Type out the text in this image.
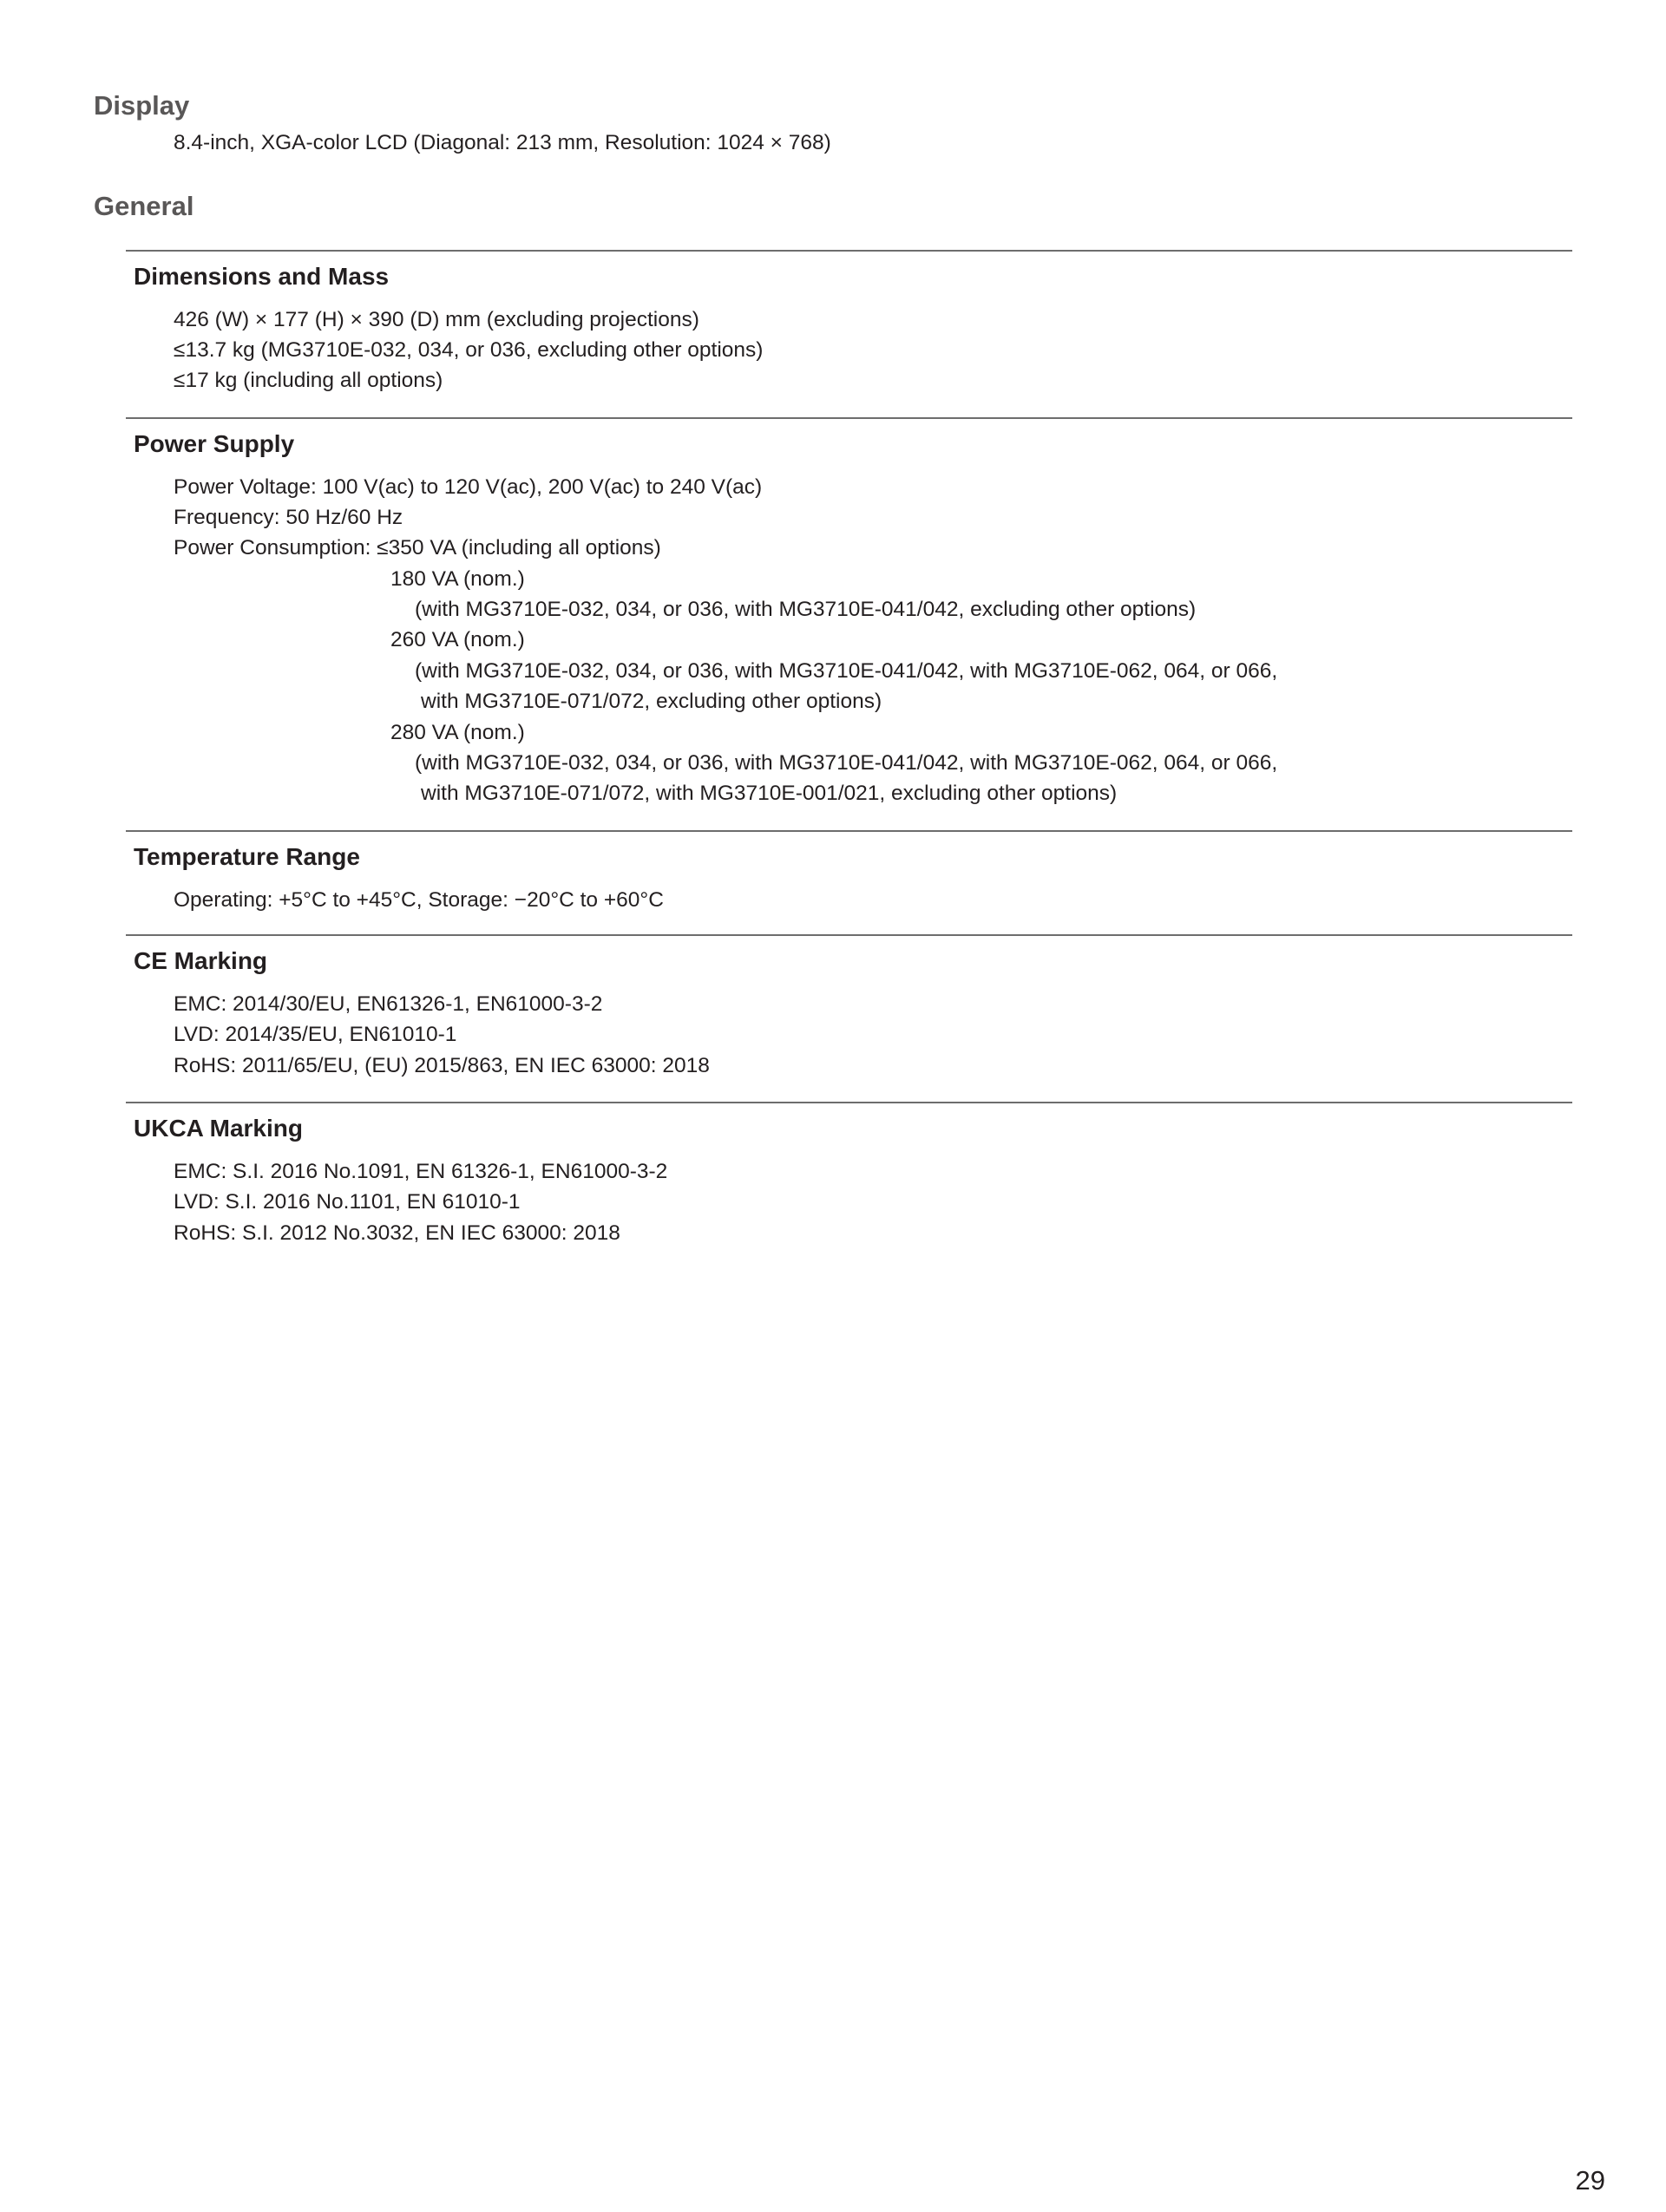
Display

8.4-inch, XGA-color LCD (Diagonal: 213 mm, Resolution: 1024 × 768)

General
Dimensions and Mass

426 (W) × 177 (H) × 390 (D) mm (excluding projections)

≤13.7 kg (MG3710E-032, 034, or 036, excluding other options)

≤17 kg (including all options)

Power Supply

Power Voltage: 100 V(ac) to 120 V(ac), 200 V(ac) to 240 V(ac)

Frequency: 50 Hz/60 Hz

Power Consumption: ≤350 VA (including all options)

180 VA (nom.)

(with MG3710E-032, 034, or 036, with MG3710E-041/042, excluding other options)

260 VA (nom.)

(with MG3710E-032, 034, or 036, with MG3710E-041/042, with MG3710E-062, 064, or 066,

with MG3710E-071/072, excluding other options)

280 VA (nom.)

(with MG3710E-032, 034, or 036, with MG3710E-041/042, with MG3710E-062, 064, or 066,

with MG3710E-071/072, with MG3710E-001/021, excluding other options)

Temperature Range

Operating: +5°C to +45°C, Storage: −20°C to +60°C

CE Marking

EMC: 2014/30/EU, EN61326-1, EN61000-3-2

LVD: 2014/35/EU, EN61010-1

RoHS: 2011/65/EU, (EU) 2015/863, EN IEC 63000: 2018

UKCA Marking

EMC: S.I. 2016 No.1091, EN 61326-1, EN61000-3-2

LVD: S.I. 2016 No.1101, EN 61010-1

RoHS: S.I. 2012 No.3032, EN IEC 63000: 2018

29
